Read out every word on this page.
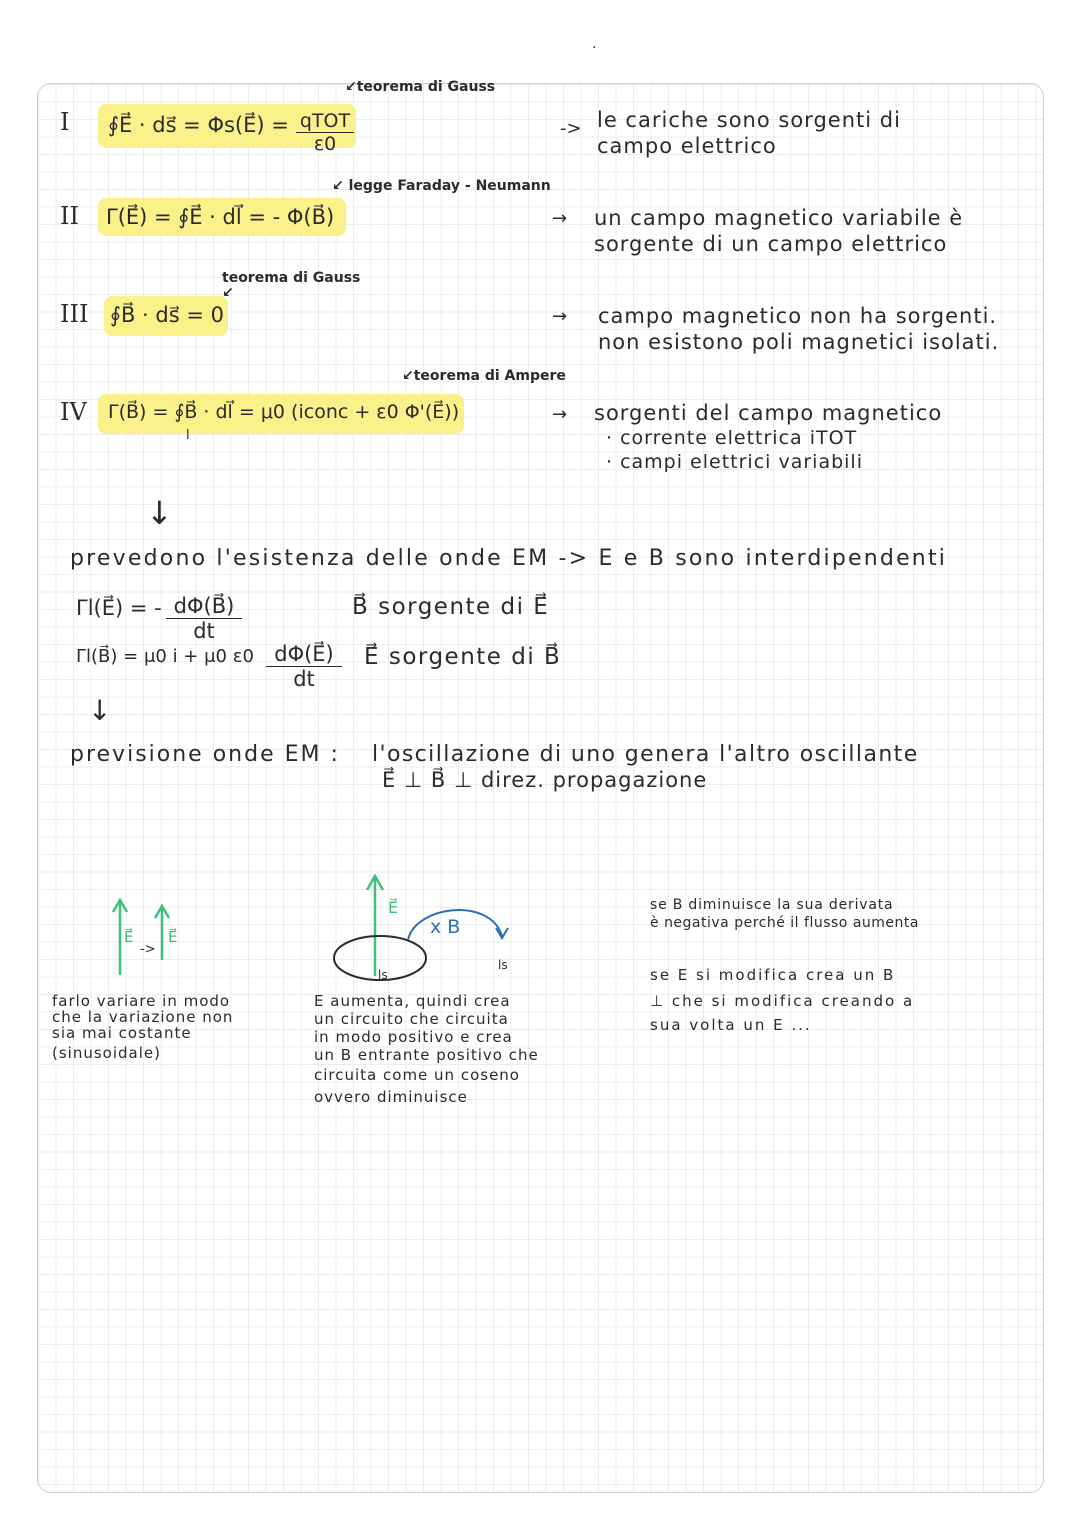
.
I ∮E⃗ · ds⃗ = Φs(E⃗) = qTOT
ε0
↙teorema di Gauss
-> le cariche sono sorgenti di
campo elettrico
II Γ(E⃗) = ∮E⃗ · dl⃗ = - Φ(B⃗)
↙ legge Faraday - Neumann
→ un campo magnetico variabile è
sorgente di un campo elettrico
III ∮B⃗ · ds⃗ = 0
teorema di Gauss
↙
→ campo magnetico non ha sorgenti.
non esistono poli magnetici isolati.
IV Γ(B⃗) = ∮B⃗ · dl⃗ = μ0 (iconc + ε0 Φ'(E⃗))
l
↙teorema di Ampere
→ sorgenti del campo magnetico
· corrente elettrica iTOT
· campi elettrici variabili
↓
prevedono l'esistenza delle onde EM -> E e B sono interdipendenti
Γl(E⃗) = - $\frac{d\Phi(B⃗)}{dt}$	B⃗ sorgente di E⃗
Γl(B⃗) = μ0 i + μ0 $\varepsilon 0 \frac{d\Phi(E⃗)}{dt}$ E⃗ sorgente di B⃗
↓
previsione onde EM : l'oscillazione di uno genera l'altro oscillante
E⃗ ⊥ B⃗ ⊥ direz. propagazione
E⃗
->
E⃗
farlo variare in modo
che la variazione non
sia mai costante
(sinusoidale)
E⃗
x B
ls
ls
E aumenta, quindi crea
un circuito che circuita
in modo positivo e crea
un B entrante positivo che
circuita come un coseno
ovvero diminuisce
se B diminuisce la sua derivata
è negativa perché il flusso aumenta
se E si modifica crea un B
⊥ che si modifica creando a
sua volta un E ...
